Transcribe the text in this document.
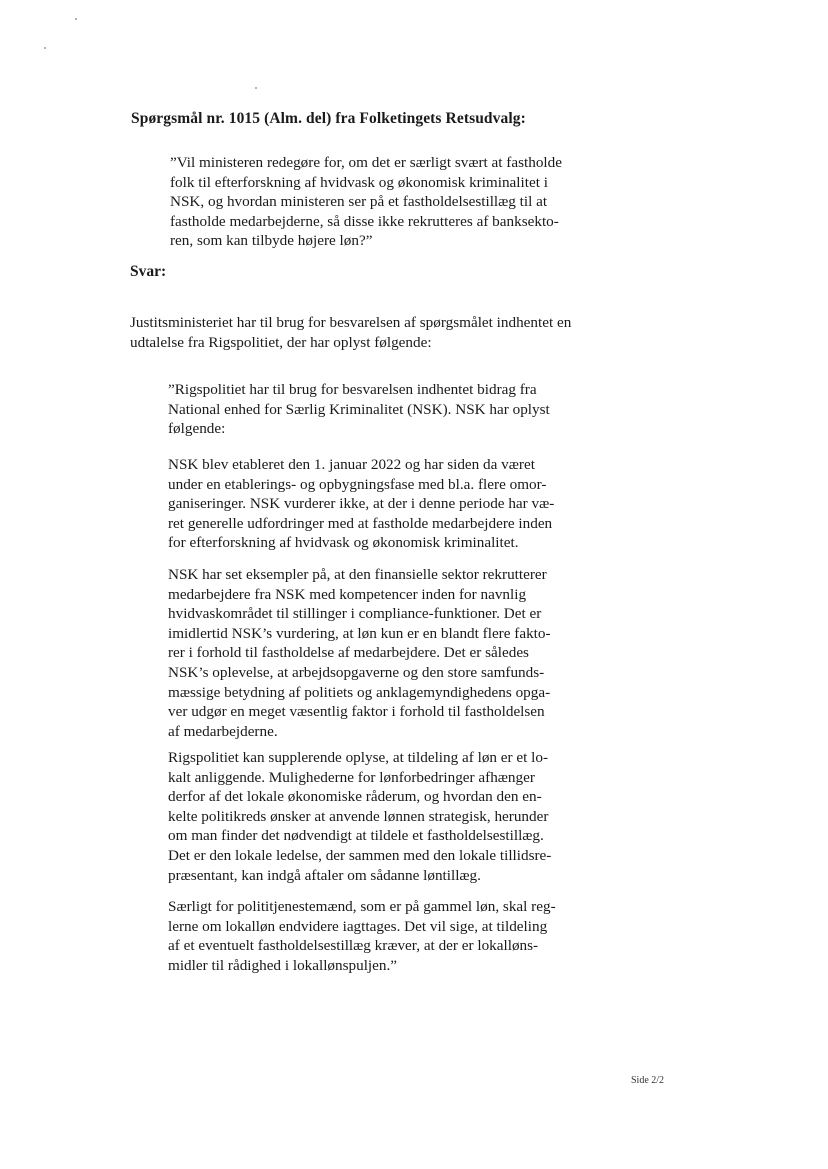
Spørgsmål nr. 1015 (Alm. del) fra Folketingets Retsudvalg:
”Vil ministeren redegøre for, om det er særligt svært at fastholde
folk til efterforskning af hvidvask og økonomisk kriminalitet i
NSK, og hvordan ministeren ser på et fastholdelsestillæg til at
fastholde medarbejderne, så disse ikke rekrutteres af banksekto-
ren, som kan tilbyde højere løn?”
Svar:
Justitsministeriet har til brug for besvarelsen af spørgsmålet indhentet en
udtalelse fra Rigspolitiet, der har oplyst følgende:
”Rigspolitiet har til brug for besvarelsen indhentet bidrag fra
National enhed for Særlig Kriminalitet (NSK). NSK har oplyst
følgende:
NSK blev etableret den 1. januar 2022 og har siden da været
under en etablerings- og opbygningsfase med bl.a. flere omor-
ganiseringer. NSK vurderer ikke, at der i denne periode har væ-
ret generelle udfordringer med at fastholde medarbejdere inden
for efterforskning af hvidvask og økonomisk kriminalitet.
NSK har set eksempler på, at den finansielle sektor rekrutterer
medarbejdere fra NSK med kompetencer inden for navnlig
hvidvaskområdet til stillinger i compliance-funktioner. Det er
imidlertid NSK’s vurdering, at løn kun er en blandt flere fakto-
rer i forhold til fastholdelse af medarbejdere. Det er således
NSK’s oplevelse, at arbejdsopgaverne og den store samfunds-
mæssige betydning af politiets og anklagemyndighedens opga-
ver udgør en meget væsentlig faktor i forhold til fastholdelsen
af medarbejderne.
Rigspolitiet kan supplerende oplyse, at tildeling af løn er et lo-
kalt anliggende. Mulighederne for lønforbedringer afhænger
derfor af det lokale økonomiske råderum, og hvordan den en-
kelte politikreds ønsker at anvende lønnen strategisk, herunder
om man finder det nødvendigt at tildele et fastholdelsestillæg.
Det er den lokale ledelse, der sammen med den lokale tillidsre-
præsentant, kan indgå aftaler om sådanne løntillæg.
Særligt for polititjenestemænd, som er på gammel løn, skal reg-
lerne om lokalløn endvidere iagttages. Det vil sige, at tildeling
af et eventuelt fastholdelsestillæg kræver, at der er lokalløns-
midler til rådighed i lokallønspuljen.”
Side 2/2
